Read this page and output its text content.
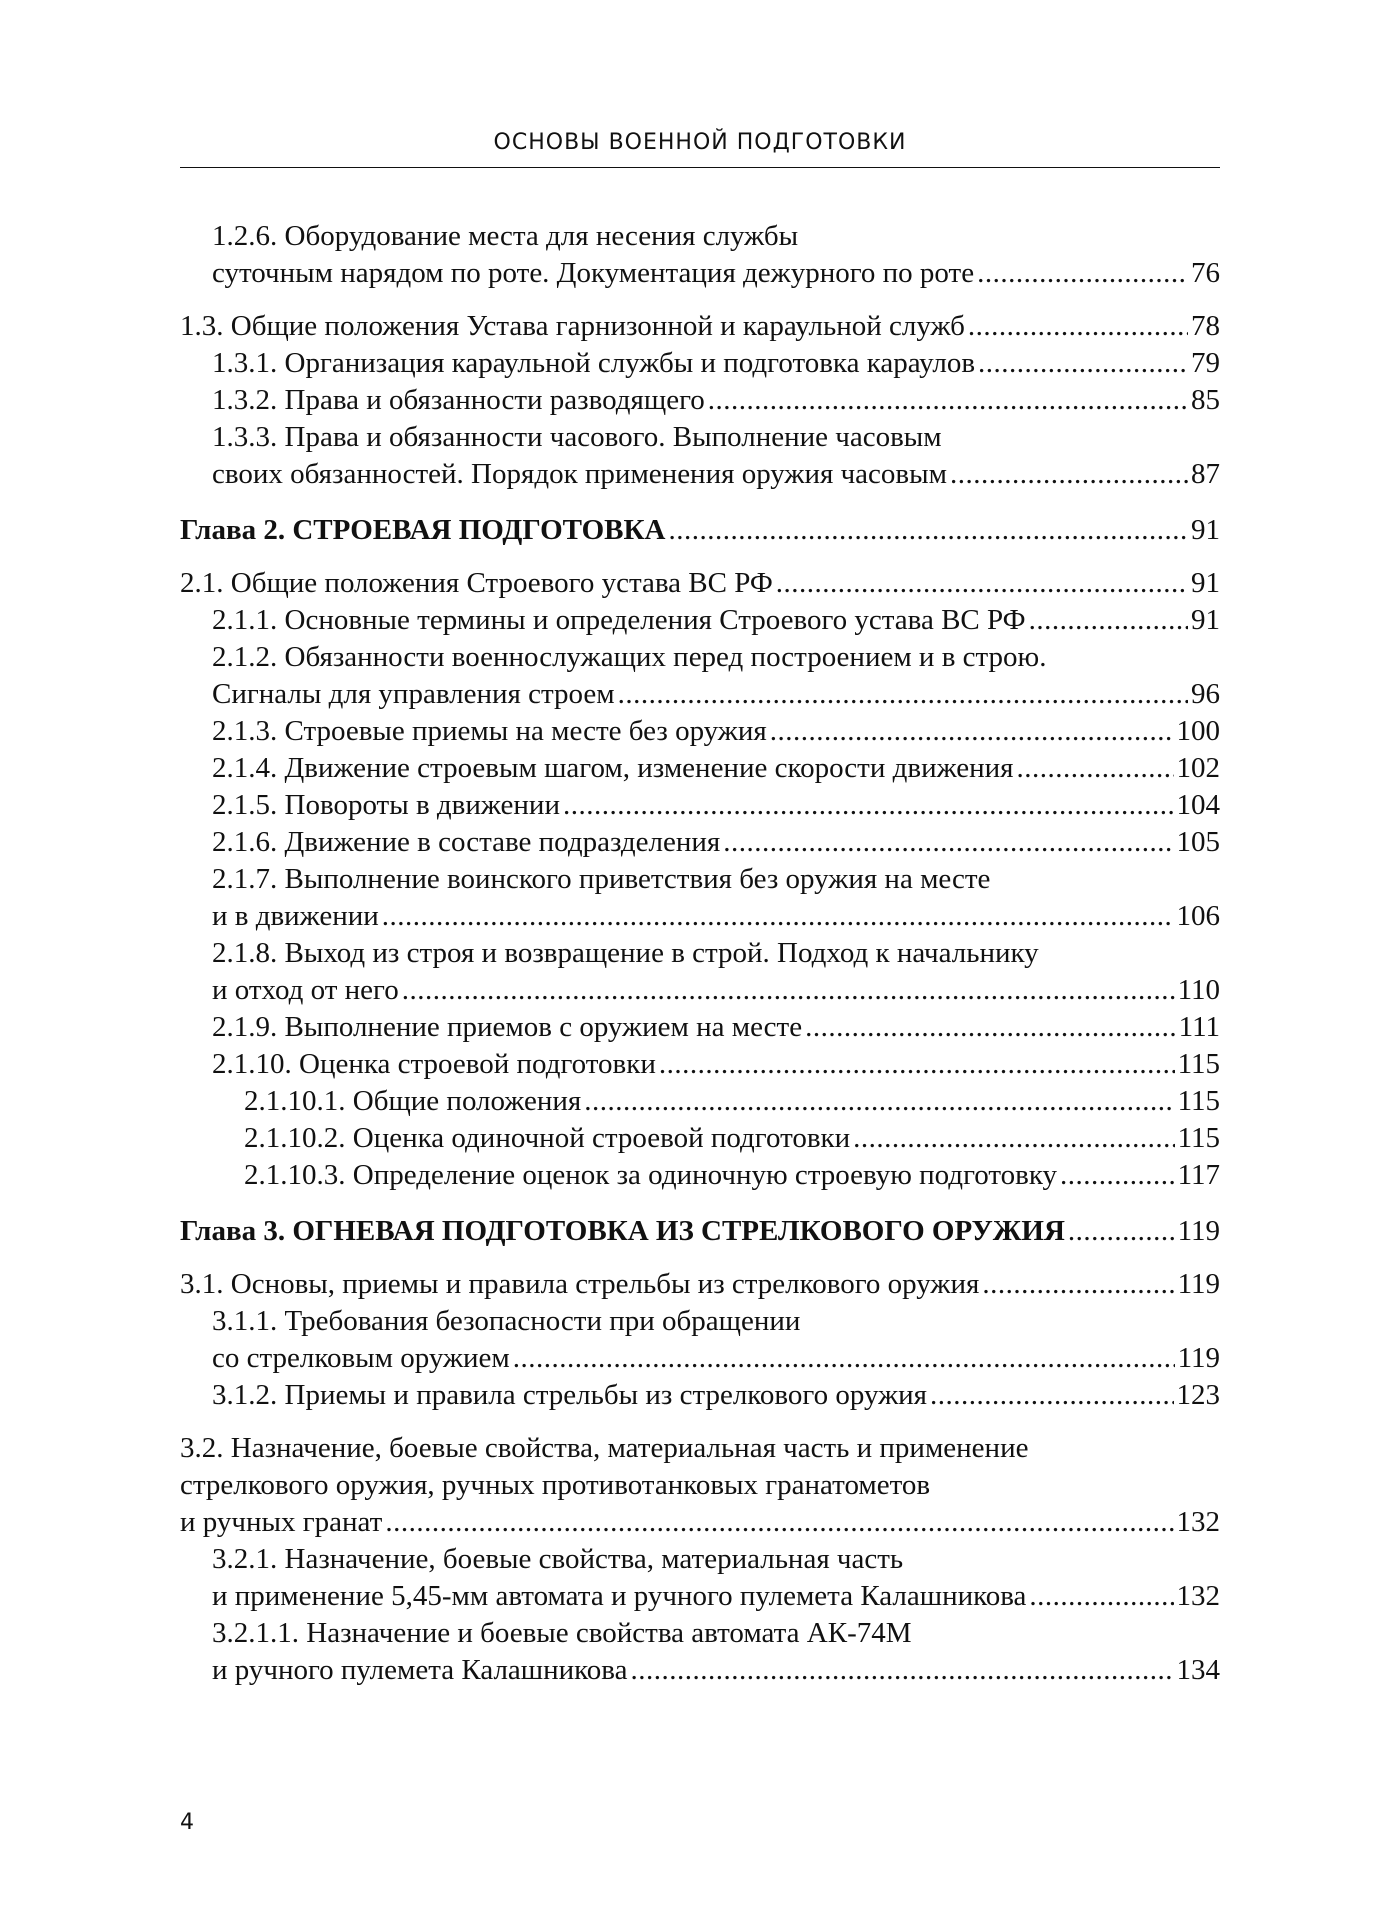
ОСНОВЫ ВОЕННОЙ ПОДГОТОВКИ
1.2.6. Оборудование места для несения службы
суточным нарядом по роте. Документация дежурного по роте .....	76
1.3. Общие положения Устава гарнизонной и караульной служб .....	78
1.3.1. Организация караульной службы и подготовка караулов .....	79
1.3.2. Права и обязанности разводящего .....	85
1.3.3. Права и обязанности часового. Выполнение часовым
своих обязанностей. Порядок применения оружия часовым .....	87
Глава 2. СТРОЕВАЯ ПОДГОТОВКА .....	91
2.1. Общие положения Строевого устава ВС РФ .....	91
2.1.1. Основные термины и определения Строевого устава ВС РФ .....	91
2.1.2. Обязанности военнослужащих перед построением и в строю.
Сигналы для управления строем .....	96
2.1.3. Строевые приемы на месте без оружия .....	100
2.1.4. Движение строевым шагом, изменение скорости движения .....	102
2.1.5. Повороты в движении .....	104
2.1.6. Движение в составе подразделения .....	105
2.1.7. Выполнение воинского приветствия без оружия на месте
и в движении .....	106
2.1.8. Выход из строя и возвращение в строй. Подход к начальнику
и отход от него .....	110
2.1.9. Выполнение приемов с оружием на месте .....	111
2.1.10. Оценка строевой подготовки .....	115
2.1.10.1. Общие положения .....	115
2.1.10.2. Оценка одиночной строевой подготовки .....	115
2.1.10.3. Определение оценок за одиночную строевую подготовку .....	117
Глава 3. ОГНЕВАЯ ПОДГОТОВКА ИЗ СТРЕЛКОВОГО ОРУЖИЯ .....	119
3.1. Основы, приемы и правила стрельбы из стрелкового оружия .....	119
3.1.1. Требования безопасности при обращении
со стрелковым оружием .....	119
3.1.2. Приемы и правила стрельбы из стрелкового оружия .....	123
3.2. Назначение, боевые свойства, материальная часть и применение
стрелкового оружия, ручных противотанковых гранатометов
и ручных гранат .....	132
3.2.1. Назначение, боевые свойства, материальная часть
и применение 5,45-мм автомата и ручного пулемета Калашникова .....	132
3.2.1.1. Назначение и боевые свойства автомата АК-74М
и ручного пулемета Калашникова .....	134
4
